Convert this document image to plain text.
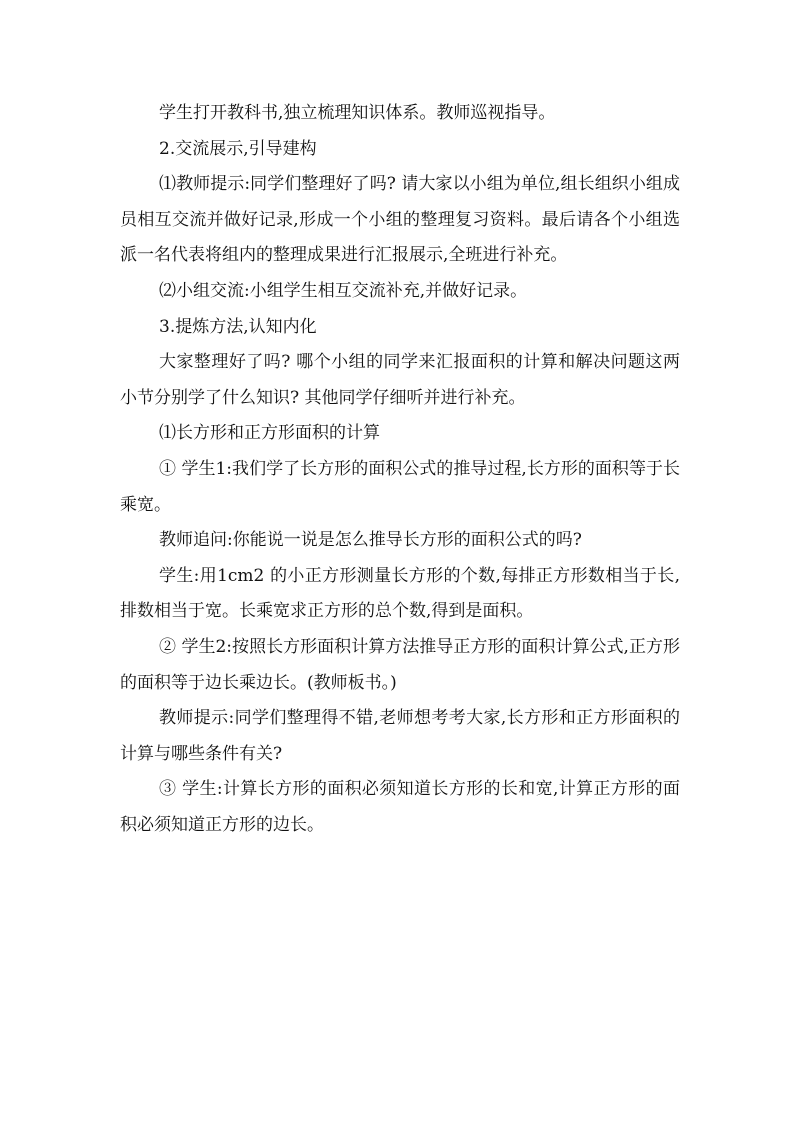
学生打开教科书,独立梳理知识体系。教师巡视指导。

2.交流展示,引导建构

⑴教师提示:同学们整理好了吗? 请大家以小组为单位,组长组织小组成员相互交流并做好记录,形成一个小组的整理复习资料。最后请各个小组选派一名代表将组内的整理成果进行汇报展示,全班进行补充。

⑵小组交流:小组学生相互交流补充,并做好记录。

3.提炼方法,认知内化

大家整理好了吗? 哪个小组的同学来汇报面积的计算和解决问题这两小节分别学了什么知识? 其他同学仔细听并进行补充。

⑴长方形和正方形面积的计算

① 学生1:我们学了长方形的面积公式的推导过程,长方形的面积等于长乘宽。

教师追问:你能说一说是怎么推导长方形的面积公式的吗?

学生:用1cm2 的小正方形测量长方形的个数,每排正方形数相当于长,排数相当于宽。长乘宽求正方形的总个数,得到是面积。

② 学生2:按照长方形面积计算方法推导正方形的面积计算公式,正方形的面积等于边长乘边长。(教师板书。)

教师提示:同学们整理得不错,老师想考考大家,长方形和正方形面积的计算与哪些条件有关?

③ 学生:计算长方形的面积必须知道长方形的长和宽,计算正方形的面积必须知道正方形的边长。
